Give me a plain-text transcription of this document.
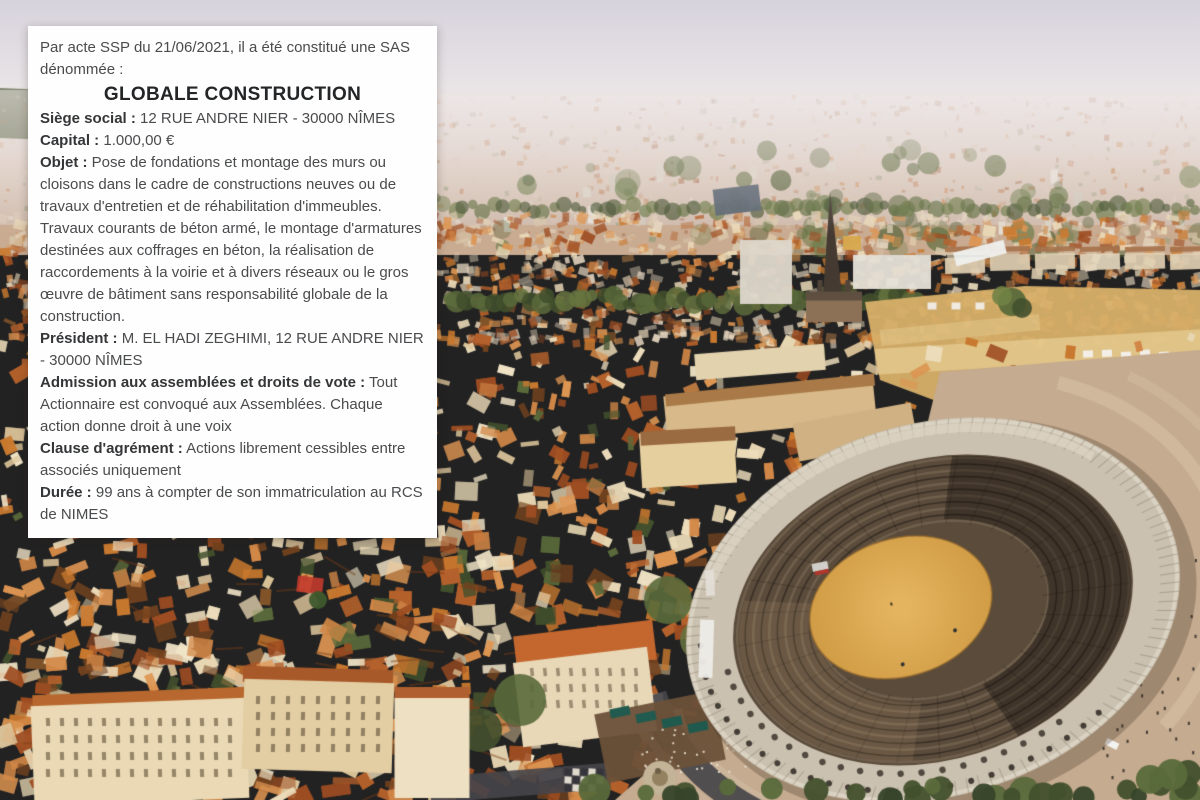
Par acte SSP du 21/06/2021, il a été constitué une SAS dénommée :

GLOBALE CONSTRUCTION

Siège social : 12 RUE ANDRE NIER - 30000 NÎMES

Capital : 1.000,00 €

Objet : Pose de fondations et montage des murs ou cloisons dans le cadre de constructions neuves ou de travaux d'entretien et de réhabilitation d'immeubles. Travaux courants de béton armé, le montage d'armatures destinées aux coffrages en béton, la réalisation de raccordements à la voirie et à divers réseaux ou le gros œuvre de bâtiment sans responsabilité globale de la construction.

Président : M. EL HADI ZEGHIMI, 12 RUE ANDRE NIER - 30000 NÎMES

Admission aux assemblées et droits de vote : Tout Actionnaire est convoqué aux Assemblées. Chaque action donne droit à une voix

Clause d'agrément : Actions librement cessibles entre associés uniquement

Durée : 99 ans à compter de son immatriculation au RCS de NIMES
